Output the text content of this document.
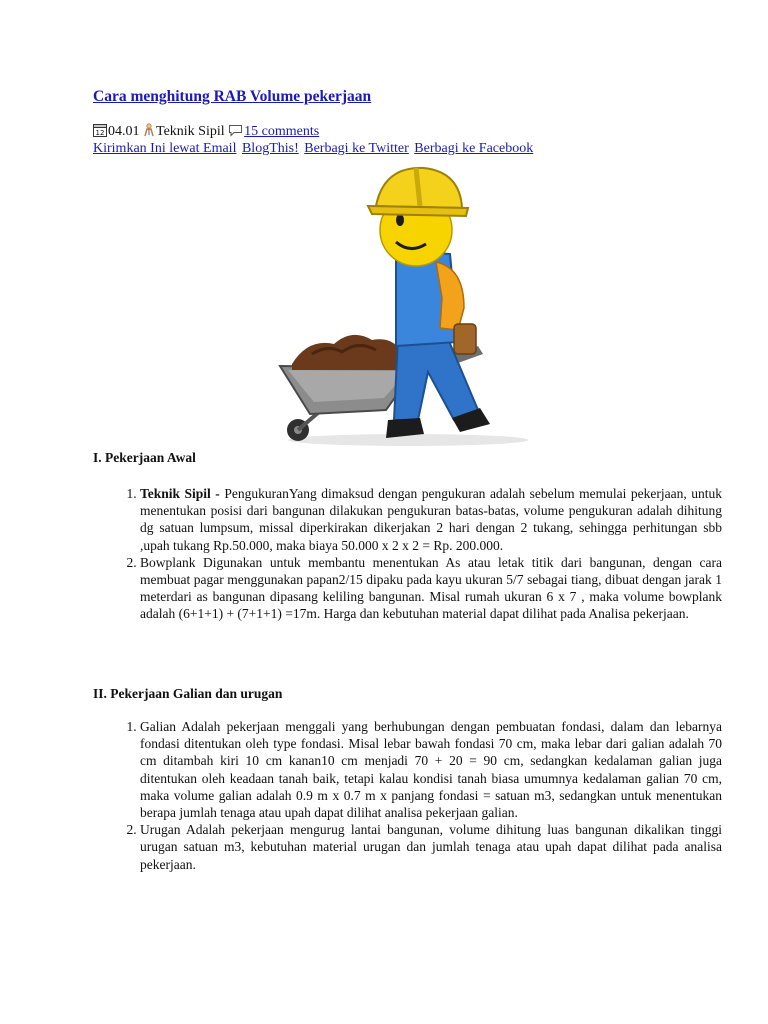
Cara menghitung RAB Volume pekerjaan
12 04.01 Teknik Sipil 15 comments
Kirimkan Ini lewat Email BlogThis! Berbagi ke Twitter Berbagi ke Facebook
I. Pekerjaan Awal
1. Teknik Sipil - PengukuranYang dimaksud dengan pengukuran adalah sebelum memulai pekerjaan, untuk menentukan posisi dari bangunan dilakukan pengukuran batas-batas, volume pengukuran adalah dihitung dg satuan lumpsum, missal diperkirakan dikerjakan 2 hari dengan 2 tukang, sehingga perhitungan sbb ,upah tukang Rp.50.000, maka biaya 50.000 x 2 x 2 = Rp. 200.000.
2. Bowplank Digunakan untuk membantu menentukan As atau letak titik dari bangunan, dengan cara membuat pagar menggunakan papan2/15 dipaku pada kayu ukuran 5/7 sebagai tiang, dibuat dengan jarak 1 meterdari as bangunan dipasang keliling bangunan. Misal rumah ukuran 6 x 7 , maka volume bowplank adalah (6+1+1) + (7+1+1) =17m. Harga dan kebutuhan material dapat dilihat pada Analisa pekerjaan.
II. Pekerjaan Galian dan urugan
1. Galian Adalah pekerjaan menggali yang berhubungan dengan pembuatan fondasi, dalam dan lebarnya fondasi ditentukan oleh type fondasi. Misal lebar bawah fondasi 70 cm, maka lebar dari galian adalah 70 cm ditambah kiri 10 cm kanan10 cm menjadi 70 + 20 = 90 cm, sedangkan kedalaman galian juga ditentukan oleh keadaan tanah baik, tetapi kalau kondisi tanah biasa umumnya kedalaman galian 70 cm, maka volume galian adalah 0.9 m x 0.7 m x panjang fondasi = satuan m3, sedangkan untuk menentukan berapa jumlah tenaga atau upah dapat dilihat analisa pekerjaan galian.
2. Urugan Adalah pekerjaan mengurug lantai bangunan, volume dihitung luas bangunan dikalikan tinggi urugan satuan m3, kebutuhan material urugan dan jumlah tenaga atau upah dapat dilihat pada analisa pekerjaan.
